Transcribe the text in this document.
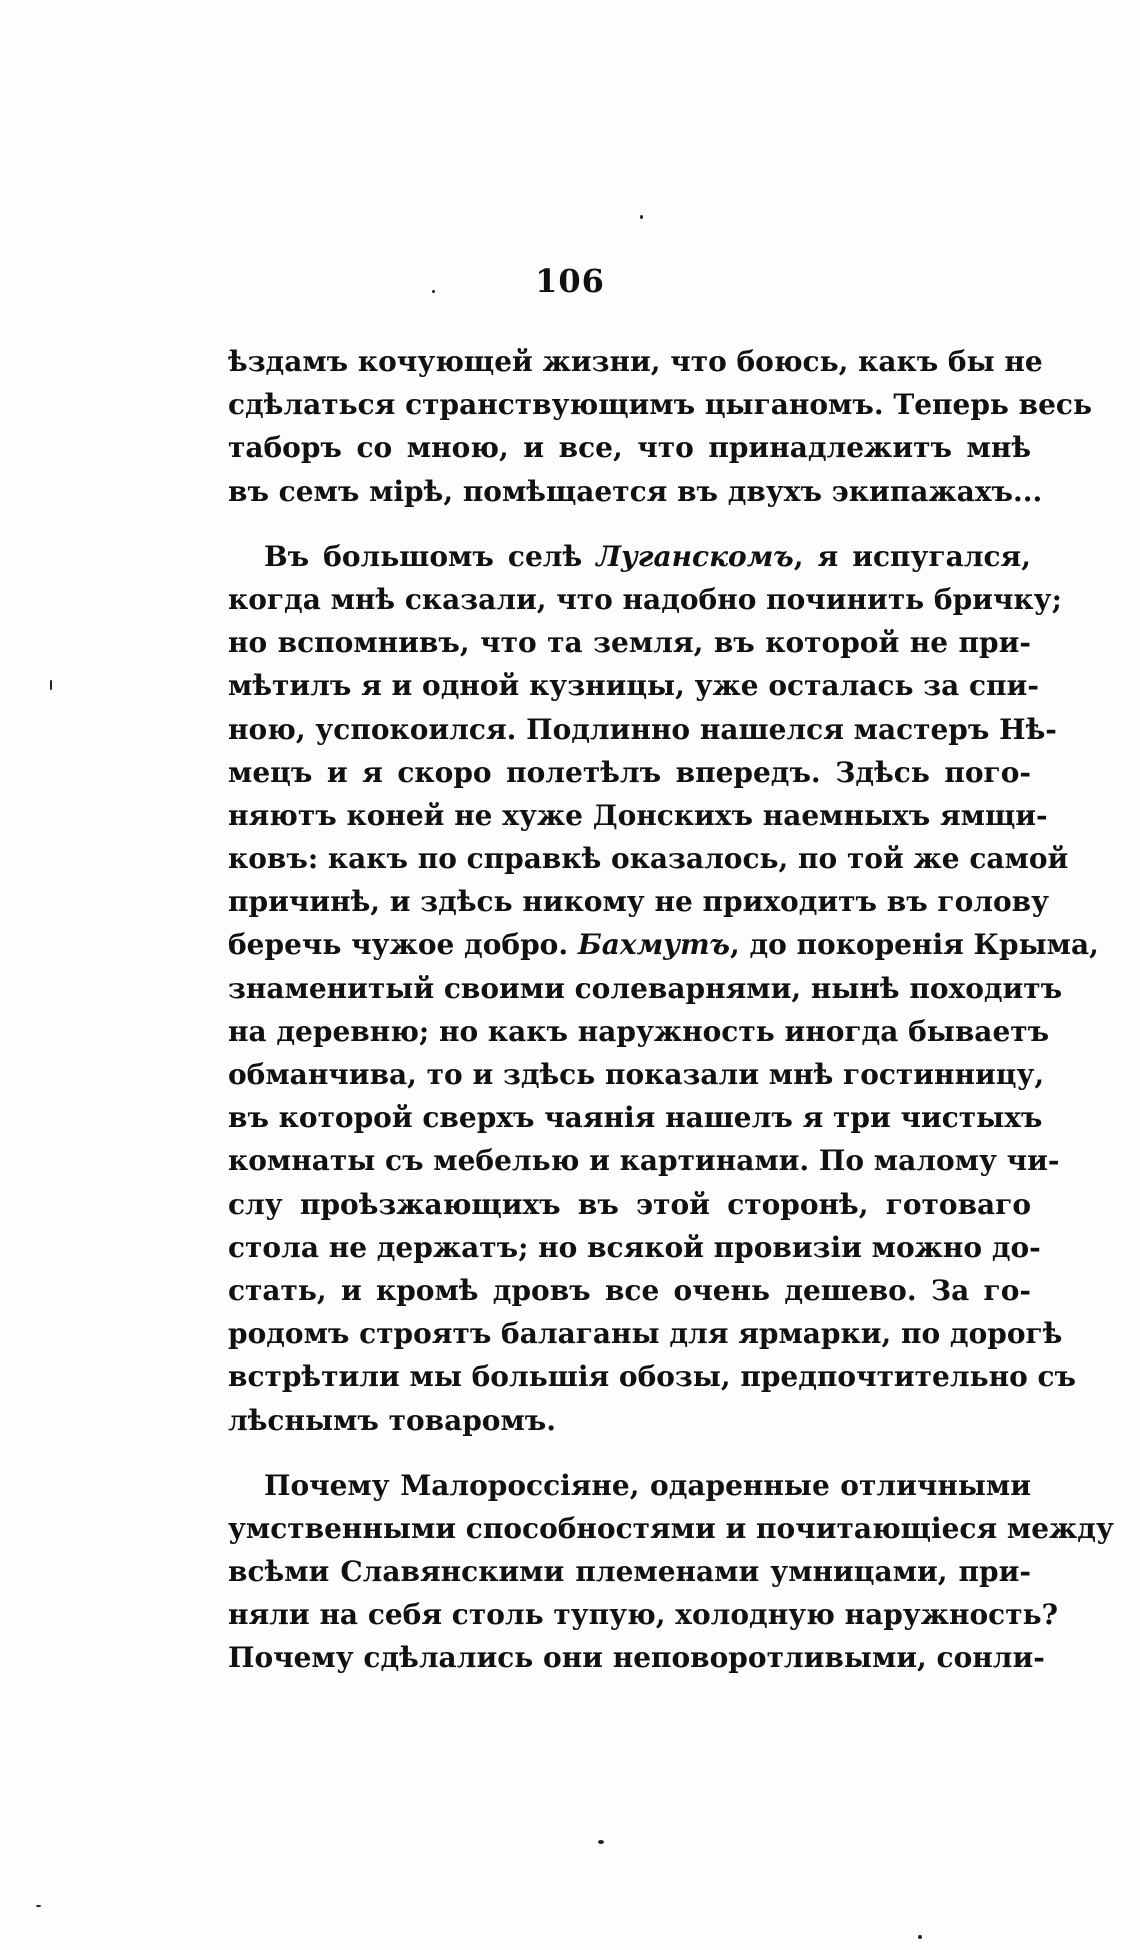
106
ѣздамъ кочующей жизни, что боюсь, какъ бы не
сдѣлаться странствующимъ цыганомъ. Теперь весь
таборъ со мною, и все, что принадлежитъ мнѣ
въ семъ мірѣ, помѣщается въ двухъ экипажахъ...
Въ большомъ селѣ Луганскомъ, я испугался,
когда мнѣ сказали, что надобно починить бричку;
но вспомнивъ, что та земля, въ которой не при-
мѣтилъ я и одной кузницы, уже осталась за спи-
ною, успокоился. Подлинно нашелся мастеръ Нѣ-
мецъ и я скоро полетѣлъ впередъ. Здѣсь пого-
няютъ коней не хуже Донскихъ наемныхъ ямщи-
ковъ: какъ по справкѣ оказалось, по той же самой
причинѣ, и здѣсь никому не приходитъ въ голову
беречь чужое добро. Бахмутъ, до покоренія Крыма,
знаменитый своими солеварнями, нынѣ походитъ
на деревню; но какъ наружность иногда бываетъ
обманчива, то и здѣсь показали мнѣ гостинницу,
въ которой сверхъ чаянія нашелъ я три чистыхъ
комнаты съ мебелью и картинами. По малому чи-
слу проѣзжающихъ въ этой сторонѣ, готоваго
стола не держатъ; но всякой провизіи можно до-
стать, и кромѣ дровъ все очень дешево. За го-
родомъ строятъ балаганы для ярмарки, по дорогѣ
встрѣтили мы большія обозы, предпочтительно съ
лѣснымъ товаромъ.
Почему Малороссіяне, одаренные отличными
умственными способностями и почитающіеся между
всѣми Славянскими племенами умницами, при-
няли на себя столь тупую, холодную наружность?
Почему сдѣлались они неповоротливыми, сонли-
